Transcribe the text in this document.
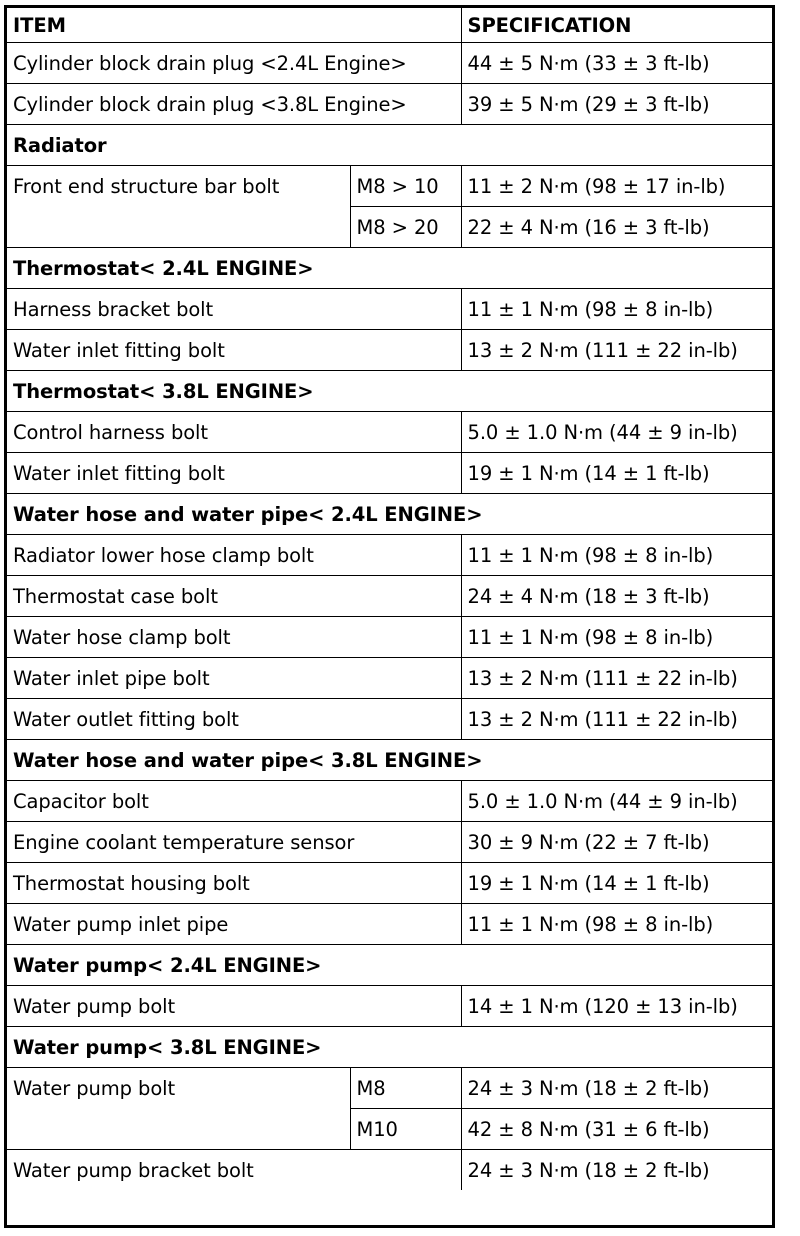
ITEM		SPECIFICATION
Cylinder block drain plug <2.4L Engine>		44 ± 5 N·m (33 ± 3 ft-lb)
Cylinder block drain plug <3.8L Engine>		39 ± 5 N·m (29 ± 3 ft-lb)
Radiator		
Front end structure bar bolt	M8 > 10	11 ± 2 N·m (98 ± 17 in-lb)
	M8 > 20	22 ± 4 N·m (16 ± 3 ft-lb)
Thermostat< 2.4L ENGINE>		
Harness bracket bolt		11 ± 1 N·m (98 ± 8 in-lb)
Water inlet fitting bolt		13 ± 2 N·m (111 ± 22 in-lb)
Thermostat< 3.8L ENGINE>		
Control harness bolt		5.0 ± 1.0 N·m (44 ± 9 in-lb)
Water inlet fitting bolt		19 ± 1 N·m (14 ± 1 ft-lb)
Water hose and water pipe< 2.4L ENGINE>		
Radiator lower hose clamp bolt		11 ± 1 N·m (98 ± 8 in-lb)
Thermostat case bolt		24 ± 4 N·m (18 ± 3 ft-lb)
Water hose clamp bolt		11 ± 1 N·m (98 ± 8 in-lb)
Water inlet pipe bolt		13 ± 2 N·m (111 ± 22 in-lb)
Water outlet fitting bolt		13 ± 2 N·m (111 ± 22 in-lb)
Water hose and water pipe< 3.8L ENGINE>		
Capacitor bolt		5.0 ± 1.0 N·m (44 ± 9 in-lb)
Engine coolant temperature sensor		30 ± 9 N·m (22 ± 7 ft-lb)
Thermostat housing bolt		19 ± 1 N·m (14 ± 1 ft-lb)
Water pump inlet pipe		11 ± 1 N·m (98 ± 8 in-lb)
Water pump< 2.4L ENGINE>		
Water pump bolt		14 ± 1 N·m (120 ± 13 in-lb)
Water pump< 3.8L ENGINE>		
Water pump bolt	M8	24 ± 3 N·m (18 ± 2 ft-lb)
	M10	42 ± 8 N·m (31 ± 6 ft-lb)
Water pump bracket bolt		24 ± 3 N·m (18 ± 2 ft-lb)
